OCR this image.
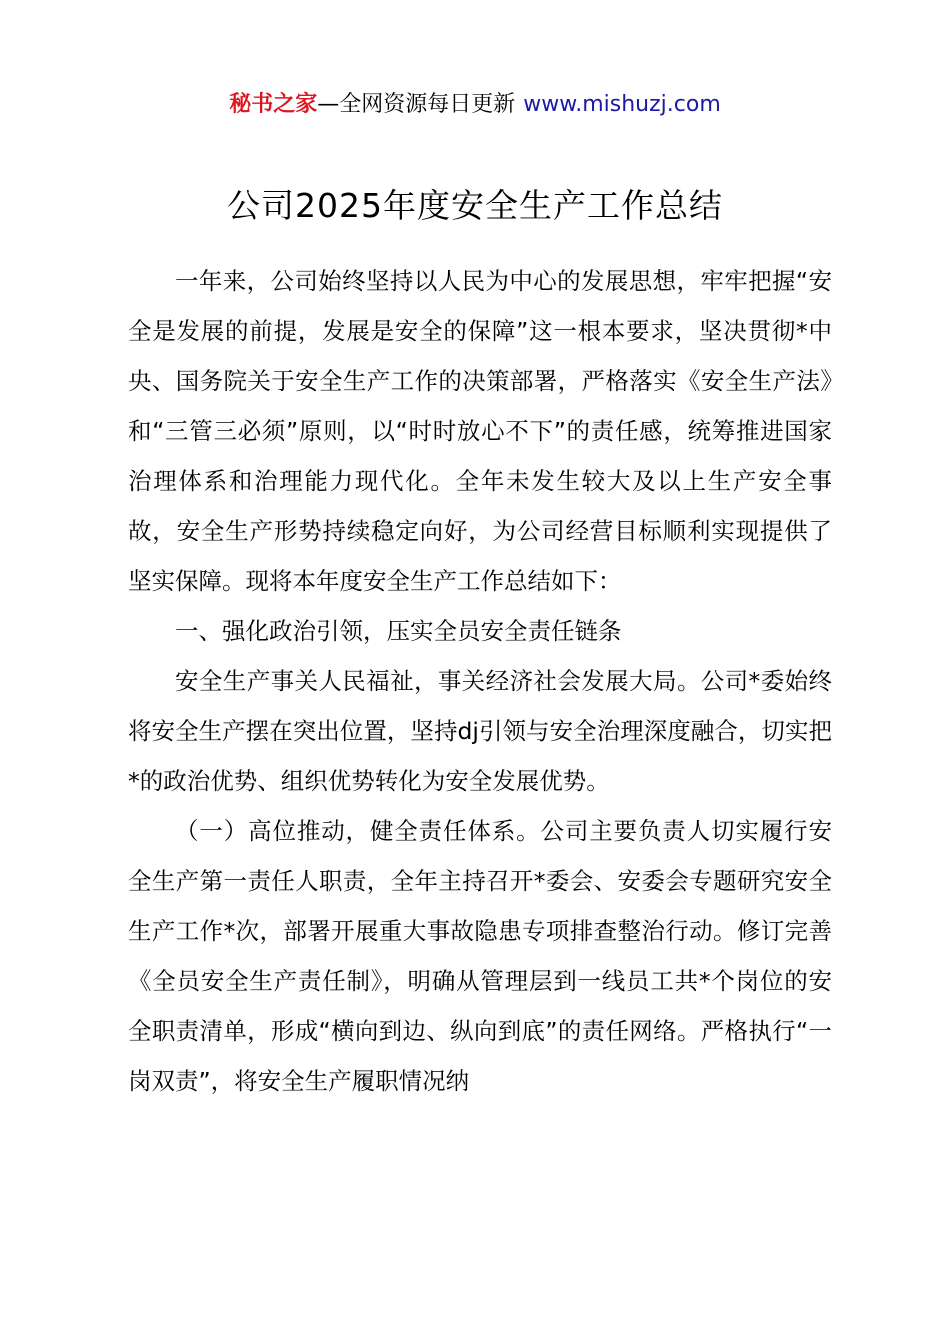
秘书之家—全网资源每日更新 www.mishuzj.com
公司2025年度安全生产工作总结

一年来，公司始终坚持以人民为中心的发展思想，牢牢把握“安全是发展的前提，发展是安全的保障”这一根本要求，坚决贯彻*中央、国务院关于安全生产工作的决策部署，严格落实《安全生产法》和“三管三必须”原则，以“时时放心不下”的责任感，统筹推进国家治理体系和治理能力现代化。全年未发生较大及以上生产安全事故，安全生产形势持续稳定向好，为公司经营目标顺利实现提供了坚实保障。现将本年度安全生产工作总结如下：

一、强化政治引领，压实全员安全责任链条

安全生产事关人民福祉，事关经济社会发展大局。公司*委始终将安全生产摆在突出位置，坚持dj引领与安全治理深度融合，切实把*的政治优势、组织优势转化为安全发展优势。

（一）高位推动，健全责任体系。公司主要负责人切实履行安全生产第一责任人职责，全年主持召开*委会、安委会专题研究安全生产工作*次，部署开展重大事故隐患专项排查整治行动。修订完善《全员安全生产责任制》，明确从管理层到一线员工共*个岗位的安全职责清单，形成“横向到边、纵向到底”的责任网络。严格执行“一岗双责”，将安全生产履职情况纳
